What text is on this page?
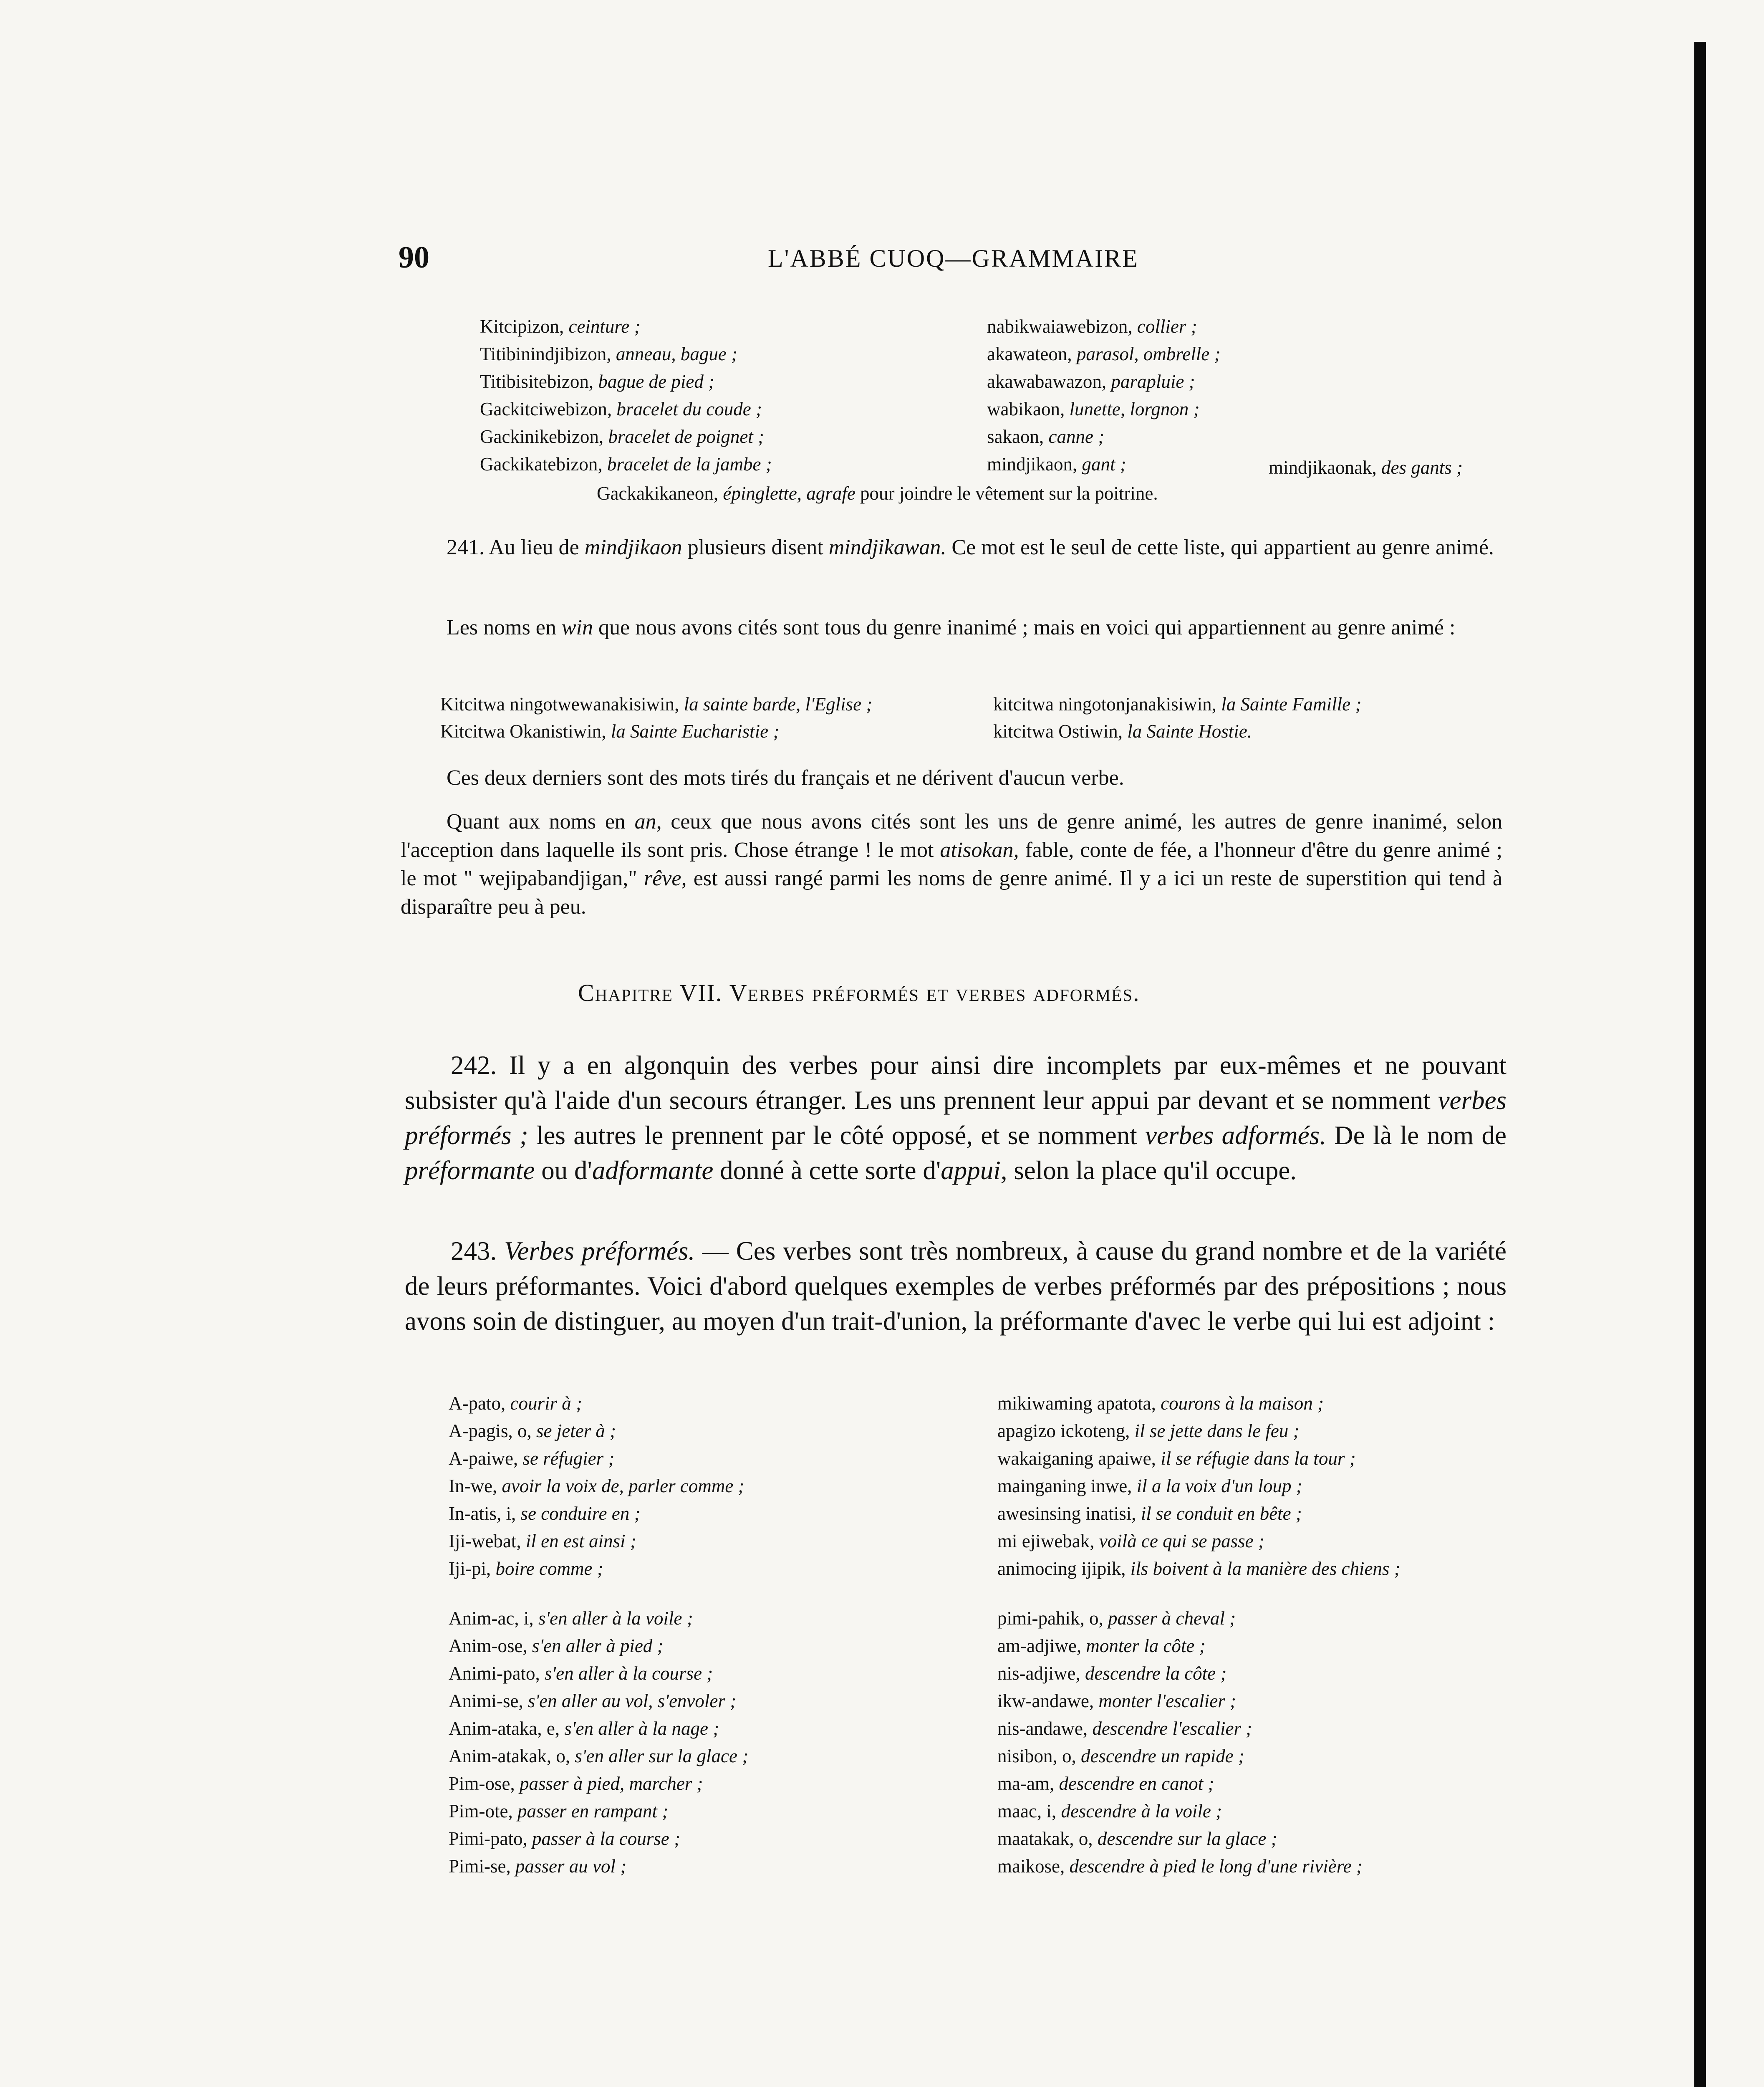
90	L'ABBÉ CUOQ—GRAMMAIRE
Kitcipizon, ceinture ;
Titibinindjibizon, anneau, bague ;
Titibisitebizon, bague de pied ;
Gackitciwebizon, bracelet du coude ;
Gackinikebizon, bracelet de poignet ;
Gackikatebizon, bracelet de la jambe ;
nabikwaiawebizon, collier ;
akawateon, parasol, ombrelle ;
akawabawazon, parapluie ;
wabikaon, lunette, lorgnon ;
sakaon, canne ;
mindjikaon, gant ;	mindjikaonak, des gants ;
Gackakikaneon, épinglette, agrafe pour joindre le vêtement sur la poitrine.
241. Au lieu de mindjikaon plusieurs disent mindjikawan. Ce mot est le seul de cette liste, qui appartient au genre animé.
Les noms en win que nous avons cités sont tous du genre inanimé ; mais en voici qui appartiennent au genre animé :
Kitcitwa ningotwewanakisiwin, la sainte barde, l'Eglise ;
Kitcitwa Okanistiwin, la Sainte Eucharistie ;
kitcitwa ningotonjanakisiwin, la Sainte Famille ;
kitcitwa Ostiwin, la Sainte Hostie.
Ces deux derniers sont des mots tirés du français et ne dérivent d'aucun verbe.
Quant aux noms en an, ceux que nous avons cités sont les uns de genre animé, les autres de genre inanimé, selon l'acception dans laquelle ils sont pris. Chose étrange ! le mot atisokan, fable, conte de fée, a l'honneur d'être du genre animé ; le mot " wejipabandjigan," rêve, est aussi rangé parmi les noms de genre animé. Il y a ici un reste de superstition qui tend à disparaître peu à peu.
Chapitre VII. Verbes préformés et verbes adformés.
242. Il y a en algonquin des verbes pour ainsi dire incomplets par eux-mêmes et ne pouvant subsister qu'à l'aide d'un secours étranger. Les uns prennent leur appui par devant et se nomment verbes préformés ; les autres le prennent par le côté opposé, et se nomment verbes adformés. De là le nom de préformante ou d'adformante donné à cette sorte d'appui, selon la place qu'il occupe.
243. Verbes préformés. — Ces verbes sont très nombreux, à cause du grand nombre et de la variété de leurs préformantes. Voici d'abord quelques exemples de verbes préformés par des prépositions ; nous avons soin de distinguer, au moyen d'un trait-d'union, la préformante d'avec le verbe qui lui est adjoint :
A-pato, courir à ;
A-pagis, o, se jeter à ;
A-paiwe, se réfugier ;
In-we, avoir la voix de, parler comme ;
In-atis, i, se conduire en ;
Iji-webat, il en est ainsi ;
Iji-pi, boire comme ;
mikiwaming apatota, courons à la maison ;
apagizo ickoteng, il se jette dans le feu ;
wakaiganing apaiwe, il se réfugie dans la tour ;
mainganing inwe, il a la voix d'un loup ;
awesinsing inatisi, il se conduit en bête ;
mi ejiwebak, voilà ce qui se passe ;
animocing ijipik, ils boivent à la manière des chiens ;
Anim-ac, i, s'en aller à la voile ;
Anim-ose, s'en aller à pied ;
Animi-pato, s'en aller à la course ;
Animi-se, s'en aller au vol, s'envoler ;
Anim-ataka, e, s'en aller à la nage ;
Anim-atakak, o, s'en aller sur la glace ;
Pim-ose, passer à pied, marcher ;
Pim-ote, passer en rampant ;
Pimi-pato, passer à la course ;
Pimi-se, passer au vol ;
pimi-pahik, o, passer à cheval ;
am-adjiwe, monter la côte ;
nis-adjiwe, descendre la côte ;
ikw-andawe, monter l'escalier ;
nis-andawe, descendre l'escalier ;
nisibon, o, descendre un rapide ;
ma-am, descendre en canot ;
maac, i, descendre à la voile ;
maatakak, o, descendre sur la glace ;
maikose, descendre à pied le long d'une rivière ;
